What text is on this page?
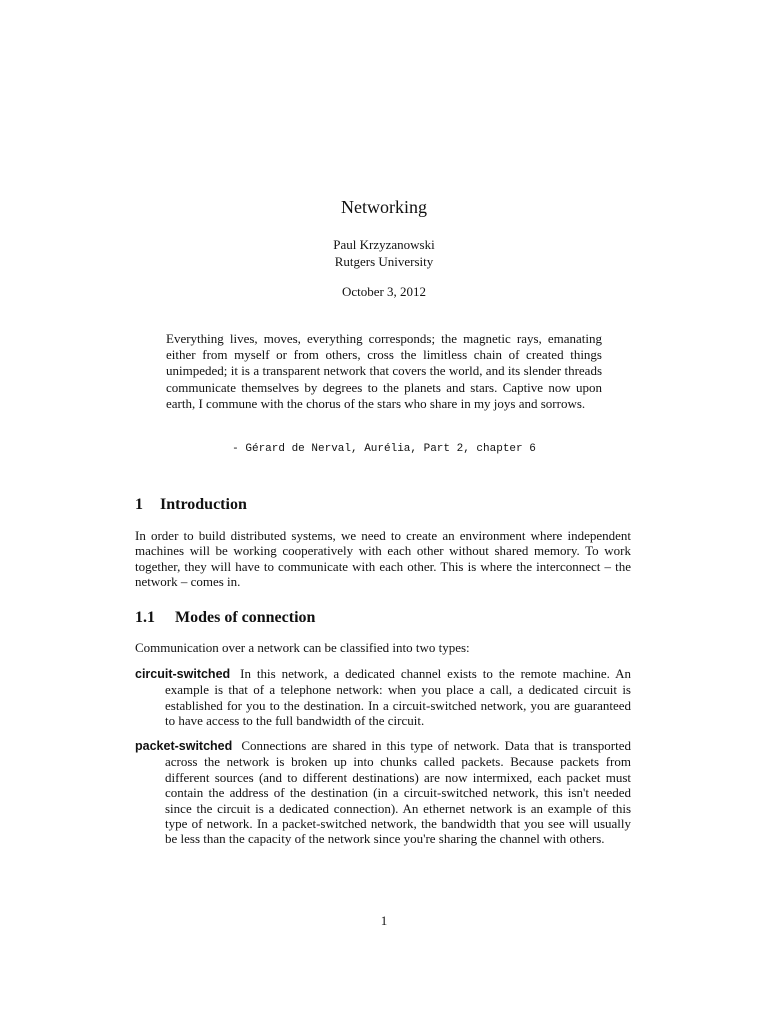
Networking
Paul Krzyzanowski
Rutgers University
October 3, 2012
Everything lives, moves, everything corresponds; the magnetic rays, emanating either from myself or from others, cross the limitless chain of created things unimpeded; it is a transparent network that covers the world, and its slender threads communicate themselves by degrees to the planets and stars. Captive now upon earth, I commune with the chorus of the stars who share in my joys and sorrows.
- Gérard de Nerval, Aurélia, Part 2, chapter 6
1 Introduction
In order to build distributed systems, we need to create an environment where independent machines will be working cooperatively with each other without shared memory. To work together, they will have to communicate with each other. This is where the interconnect – the network – comes in.
1.1 Modes of connection
Communication over a network can be classified into two types:
circuit-switched In this network, a dedicated channel exists to the remote machine. An example is that of a telephone network: when you place a call, a dedicated circuit is established for you to the destination. In a circuit-switched network, you are guaranteed to have access to the full bandwidth of the circuit.
packet-switched Connections are shared in this type of network. Data that is transported across the network is broken up into chunks called packets. Because packets from different sources (and to different destinations) are now intermixed, each packet must contain the address of the destination (in a circuit-switched network, this isn't needed since the circuit is a dedicated connection). An ethernet network is an example of this type of network. In a packet-switched network, the bandwidth that you see will usually be less than the capacity of the network since you're sharing the channel with others.
1
